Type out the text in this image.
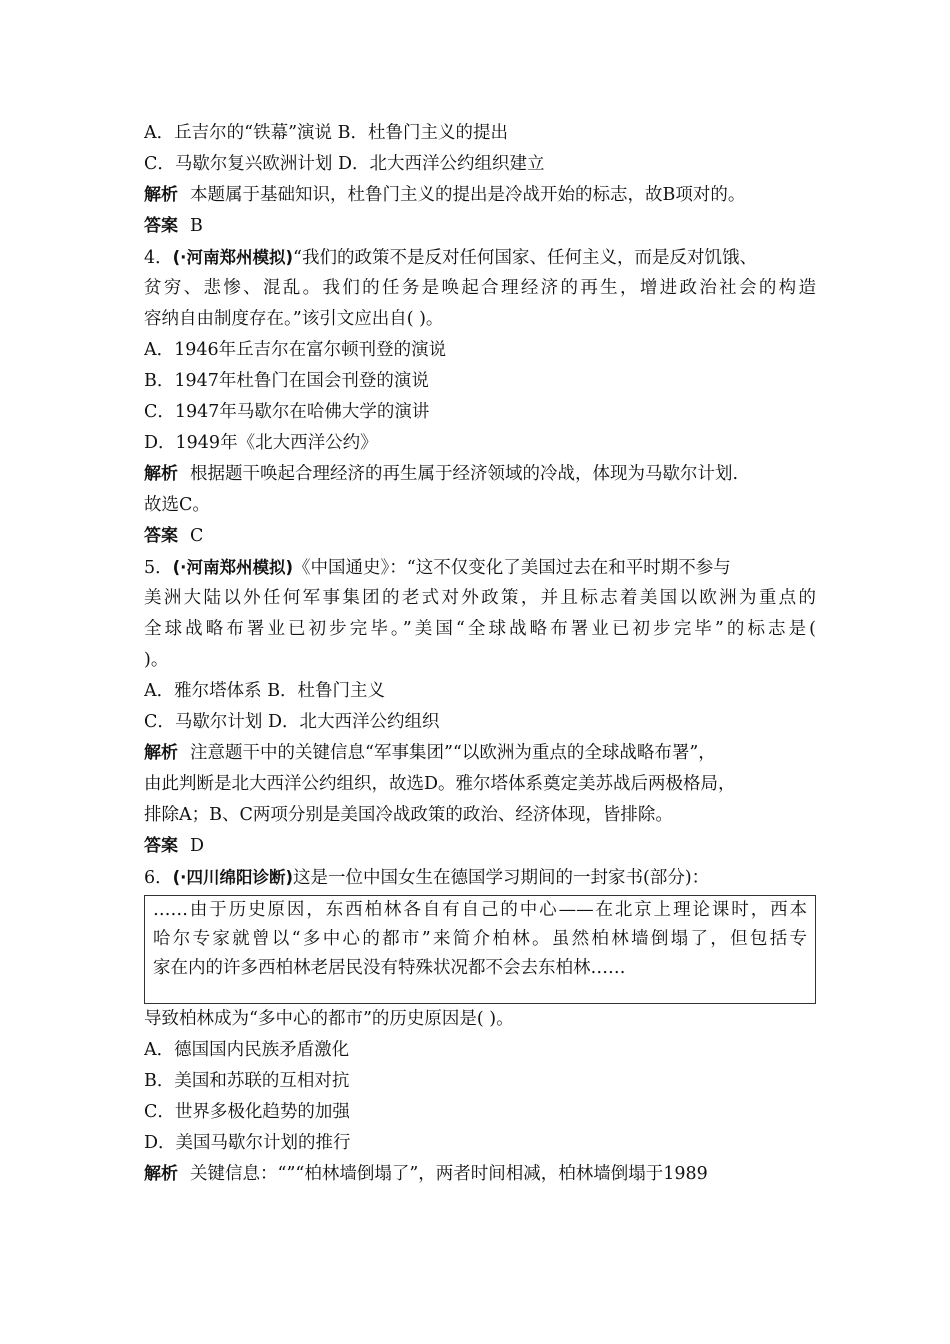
A．丘吉尔的“铁幕”演说 B．杜鲁门主义的提出
C．马歇尔复兴欧洲计划 D．北大西洋公约组织建立
解析 本题属于基础知识，杜鲁门主义的提出是冷战开始的标志，故B项对的。
答案 B
4．(·河南郑州模拟)“我们的政策不是反对任何国家、任何主义，而是反对饥饿、
贫穷、悲惨、混乱。我们的任务是唤起合理经济的再生，增进政治社会的构造
容纳自由制度存在。”该引文应出自( )。
A．1946年丘吉尔在富尔顿刊登的演说
B．1947年杜鲁门在国会刊登的演说
C．1947年马歇尔在哈佛大学的演讲
D．1949年《北大西洋公约》
解析 根据题干唤起合理经济的再生属于经济领域的冷战，体现为马歇尔计划.
故选C。
答案 C
5．(·河南郑州模拟)《中国通史》：“这不仅变化了美国过去在和平时期不参与
美洲大陆以外任何军事集团的老式对外政策，并且标志着美国以欧洲为重点的
全球战略布署业已初步完毕。”美国“全球战略布署业已初步完毕”的标志是(
)。
A．雅尔塔体系 B．杜鲁门主义
C．马歇尔计划 D．北大西洋公约组织
解析 注意题干中的关键信息“军事集团”“以欧洲为重点的全球战略布署”，
由此判断是北大西洋公约组织，故选D。雅尔塔体系奠定美苏战后两极格局，
排除A；B、C两项分别是美国冷战政策的政治、经济体现，皆排除。
答案 D
6．(·四川绵阳诊断)这是一位中国女生在德国学习期间的一封家书(部分)：
……由于历史原因，东西柏林各自有自己的中心——在北京上理论课时，西本
哈尔专家就曾以“多中心的都市”来简介柏林。虽然柏林墙倒塌了，但包括专
家在内的许多西柏林老居民没有特殊状况都不会去东柏林……
导致柏林成为“多中心的都市”的历史原因是( )。
A．德国国内民族矛盾激化
B．美国和苏联的互相对抗
C．世界多极化趋势的加强
D．美国马歇尔计划的推行
解析 关键信息：“”“柏林墙倒塌了”，两者时间相减，柏林墙倒塌于1989
